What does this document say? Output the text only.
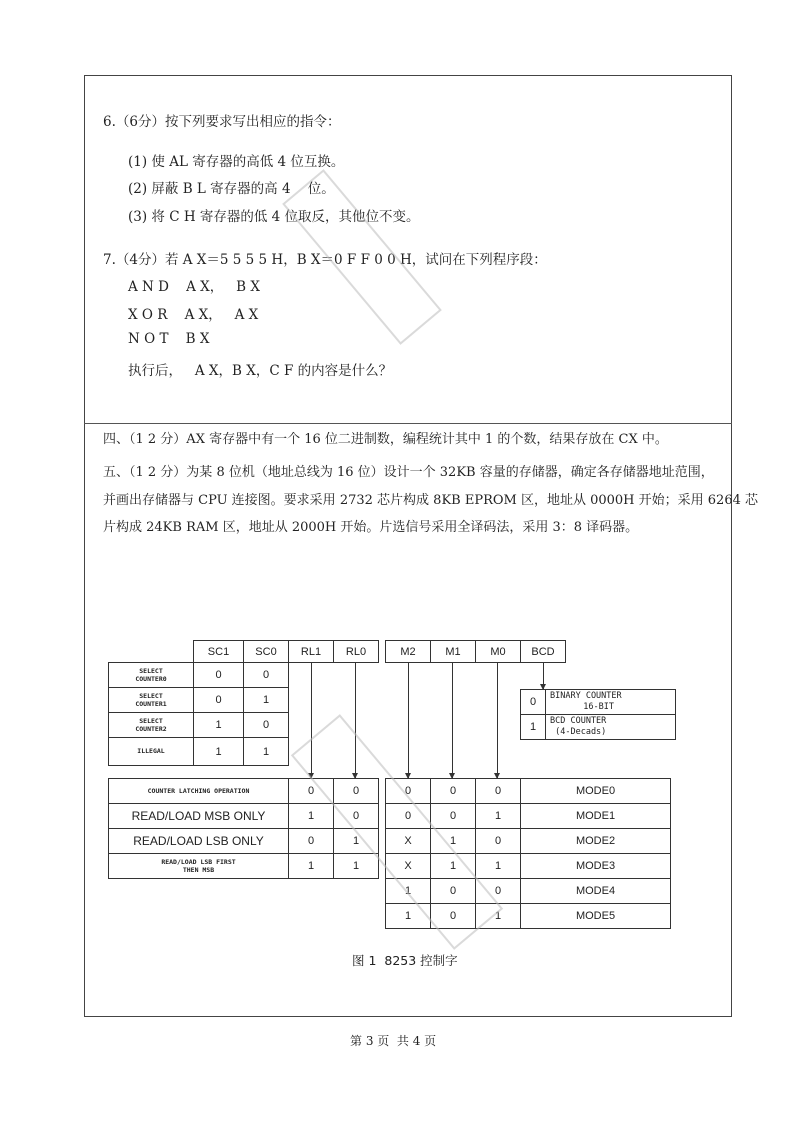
6.（6分）按下列要求写出相应的指令：
(1) 使 AL 寄存器的高低 4 位互换。
(2) 屏蔽 B L 寄存器的高 4    位。
(3) 将 C H 寄存器的低 4 位取反，其他位不变。
7.（4分）若 A X＝5 5 5 5 H，B X＝0 F F 0 0 H，试问在下列程序段：
A N D    A X，   B X
X O R    A X，   A X
N O T    B X
执行后，   A X，B X，C F 的内容是什么？
四、（1 2 分）AX 寄存器中有一个 16 位二进制数，编程统计其中 1 的个数，结果存放在 CX 中。
五、（1 2 分）为某 8 位机（地址总线为 16 位）设计一个 32KB 容量的存储器，确定各存储器地址范围，
并画出存储器与 CPU 连接图。要求采用 2732 芯片构成 8KB EPROM 区，地址从 0000H 开始；采用 6264 芯
片构成 24KB RAM 区，地址从 2000H 开始。片选信号采用全译码法，采用 3：8 译码器。
SC1	SC0	RL1	RL0	M2	M1	M0	BCD
SELECT
COUNTER0	0	0
SELECT
COUNTER1	0	1
SELECT
COUNTER2	1	0
ILLEGAL	1	1
0
BINARY COUNTER
16-BIT
1
BCD COUNTER
(4-Decads)
COUNTER LATCHING OPERATION	0	0
READ/LOAD MSB ONLY	1	0
READ/LOAD LSB ONLY	0	1
READ/LOAD LSB FIRST
THEN MSB	1	1
0	0	0	MODE0
0	0	1	MODE1
X	1	0	MODE2
X	1	1	MODE3
1	0	0	MODE4
1	0	1	MODE5
图 1  8253 控制字
第 3 页  共 4 页
